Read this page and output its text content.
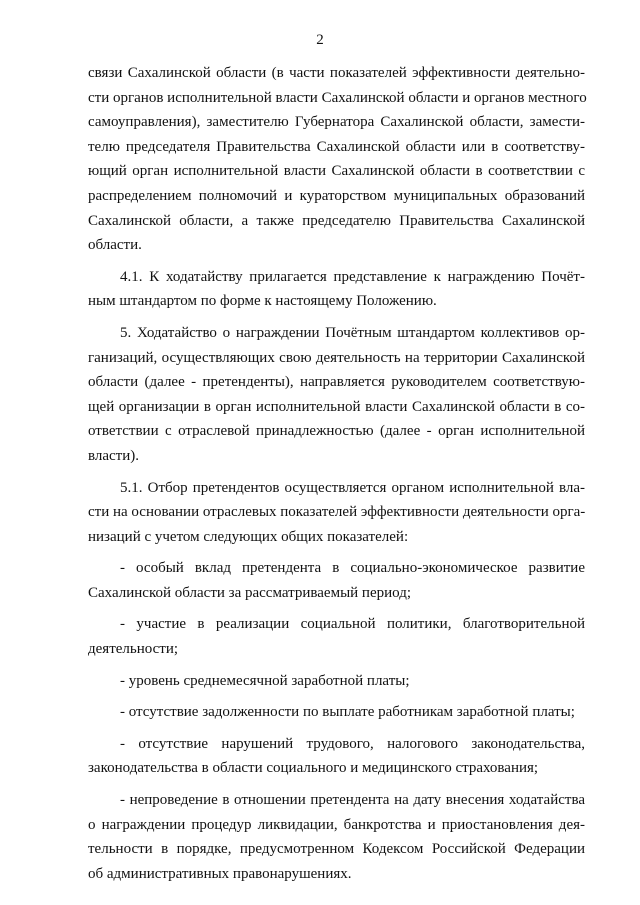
2
связи Сахалинской области (в части показателей эффективности деятельно-
сти органов исполнительной власти Сахалинской области и органов местного
самоуправления), заместителю Губернатора Сахалинской области, замести-
телю председателя Правительства Сахалинской области или в соответству-
ющий орган исполнительной власти Сахалинской области в соответствии с
распределением полномочий и кураторством муниципальных образований
Сахалинской области, а также председателю Правительства Сахалинской
области.
4.1. К ходатайству прилагается представление к награждению Почёт-
ным штандартом по форме к настоящему Положению.
5. Ходатайство о награждении Почётным штандартом коллективов ор-
ганизаций, осуществляющих свою деятельность на территории Сахалинской
области (далее - претенденты), направляется руководителем соответствую-
щей организации в орган исполнительной власти Сахалинской области в со-
ответствии с отраслевой принадлежностью (далее - орган исполнительной
власти).
5.1. Отбор претендентов осуществляется органом исполнительной вла-
сти на основании отраслевых показателей эффективности деятельности орга-
низаций с учетом следующих общих показателей:
- особый вклад претендента в социально-экономическое развитие
Сахалинской области за рассматриваемый период;
- участие в реализации социальной политики, благотворительной
деятельности;
- уровень среднемесячной заработной платы;
- отсутствие задолженности по выплате работникам заработной платы;
- отсутствие нарушений трудового, налогового законодательства,
законодательства в области социального и медицинского страхования;
- непроведение в отношении претендента на дату внесения ходатайства
о награждении процедур ликвидации, банкротства и приостановления дея-
тельности в порядке, предусмотренном Кодексом Российской Федерации
об административных правонарушениях.
